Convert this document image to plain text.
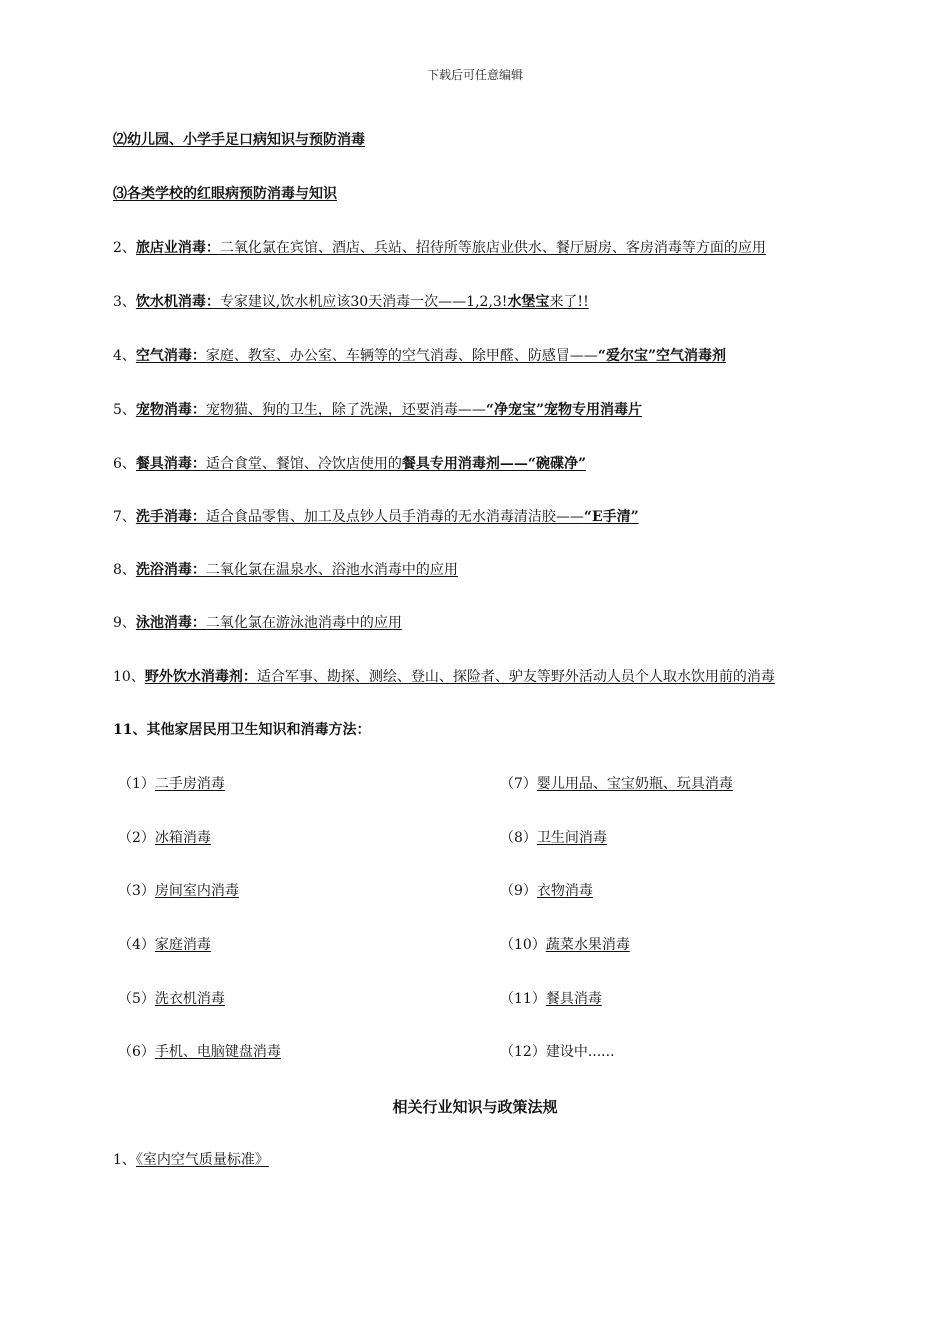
下载后可任意编辑
⑵幼儿园、小学手足口病知识与预防消毒
⑶各类学校的红眼病预防消毒与知识
2、旅店业消毒：二氧化氯在宾馆、酒店、兵站、招待所等旅店业供水、餐厅厨房、客房消毒等方面的应用
3、饮水机消毒：专家建议,饮水机应该30天消毒一次——1,2,3!水堡宝来了!!
4、空气消毒：家庭、教室、办公室、车辆等的空气消毒、除甲醛、防感冒——“爱尔宝”空气消毒剂
5、宠物消毒：宠物猫、狗的卫生，除了洗澡，还要消毒——“净宠宝”宠物专用消毒片
6、餐具消毒：适合食堂、餐馆、冷饮店使用的餐具专用消毒剂——“碗碟净”
7、洗手消毒：适合食品零售、加工及点钞人员手消毒的无水消毒清洁胶——“E手清”
8、洗浴消毒：二氧化氯在温泉水、浴池水消毒中的应用
9、泳池消毒：二氧化氯在游泳池消毒中的应用
10、野外饮水消毒剂：适合军事、勘探、测绘、登山、探险者、驴友等野外活动人员个人取水饮用前的消毒
11、其他家居民用卫生知识和消毒方法：
（1）二手房消毒
（2）冰箱消毒
（3）房间室内消毒
（4）家庭消毒
（5）洗衣机消毒
（6）手机、电脑键盘消毒
（7）婴儿用品、宝宝奶瓶、玩具消毒
（8）卫生间消毒
（9）衣物消毒
（10）蔬菜水果消毒
（11）餐具消毒
（12）建设中......
相关行业知识与政策法规
1、《室内空气质量标准》
